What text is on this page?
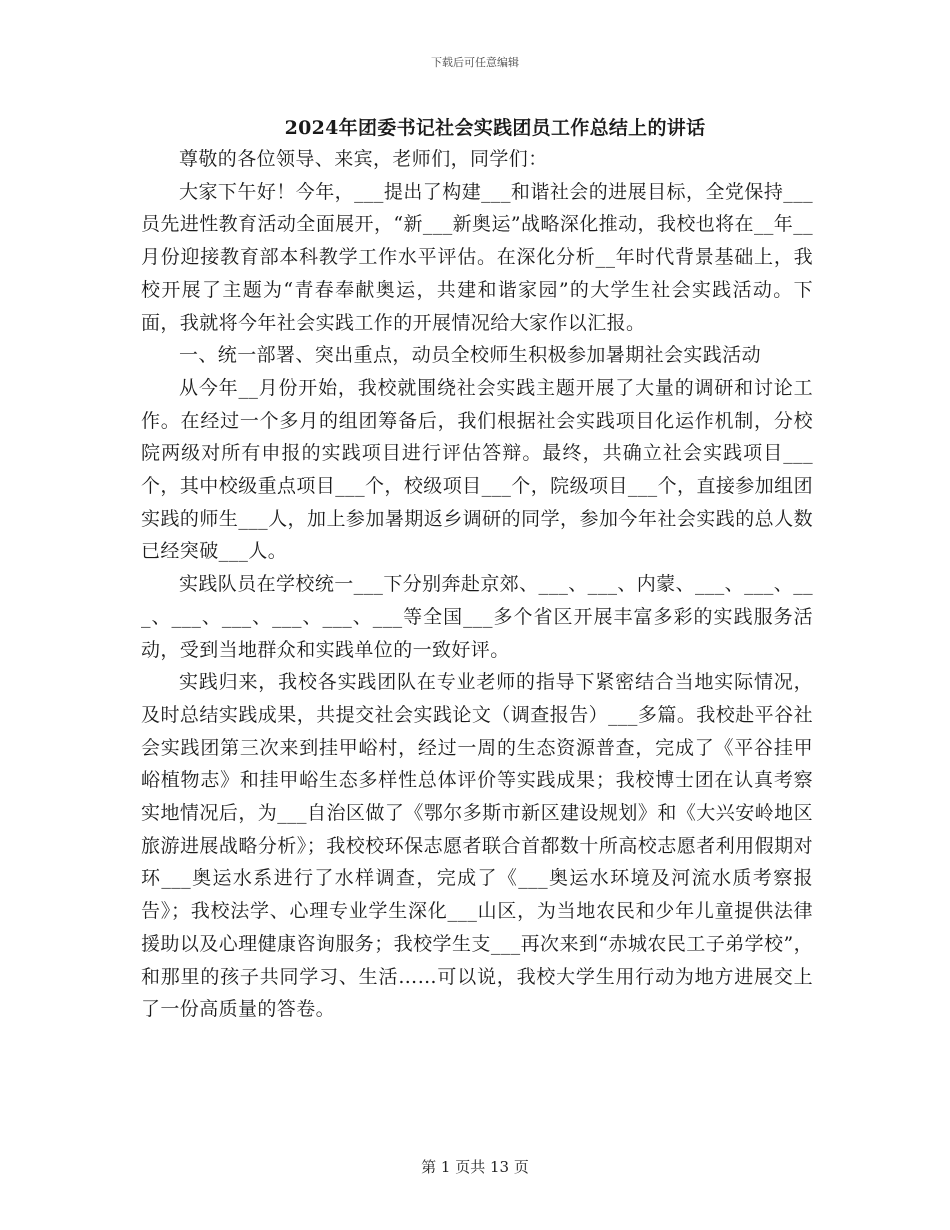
下载后可任意编辑
2024年团委书记社会实践团员工作总结上的讲话

尊敬的各位领导、来宾，老师们，同学们：

大家下午好！今年，___提出了构建___和谐社会的进展目标，全党保持___员先进性教育活动全面展开，“新___新奥运”战略深化推动，我校也将在__年__月份迎接教育部本科教学工作水平评估。在深化分析__年时代背景基础上，我校开展了主题为“青春奉献奥运，共建和谐家园”的大学生社会实践活动。下面，我就将今年社会实践工作的开展情况给大家作以汇报。

一、统一部署、突出重点，动员全校师生积极参加暑期社会实践活动

从今年__月份开始，我校就围绕社会实践主题开展了大量的调研和讨论工作。在经过一个多月的组团筹备后，我们根据社会实践项目化运作机制，分校院两级对所有申报的实践项目进行评估答辩。最终，共确立社会实践项目___个，其中校级重点项目___个，校级项目___个，院级项目___个，直接参加组团实践的师生___人，加上参加暑期返乡调研的同学，参加今年社会实践的总人数已经突破___人。

实践队员在学校统一___下分别奔赴京郊、___、___、内蒙、___、___、___、___、___、___、___、___等全国___多个省区开展丰富多彩的实践服务活动，受到当地群众和实践单位的一致好评。

实践归来，我校各实践团队在专业老师的指导下紧密结合当地实际情况，及时总结实践成果，共提交社会实践论文（调查报告）___多篇。我校赴平谷社会实践团第三次来到挂甲峪村，经过一周的生态资源普查，完成了《平谷挂甲峪植物志》和挂甲峪生态多样性总体评价等实践成果；我校博士团在认真考察实地情况后，为___自治区做了《鄂尔多斯市新区建设规划》和《大兴安岭地区旅游进展战略分析》；我校校环保志愿者联合首都数十所高校志愿者利用假期对环___奥运水系进行了水样调查，完成了《___奥运水环境及河流水质考察报告》；我校法学、心理专业学生深化___山区，为当地农民和少年儿童提供法律援助以及心理健康咨询服务；我校学生支___再次来到“赤城农民工子弟学校”，和那里的孩子共同学习、生活……可以说，我校大学生用行动为地方进展交上了一份高质量的答卷。

第 1 页共 13 页
